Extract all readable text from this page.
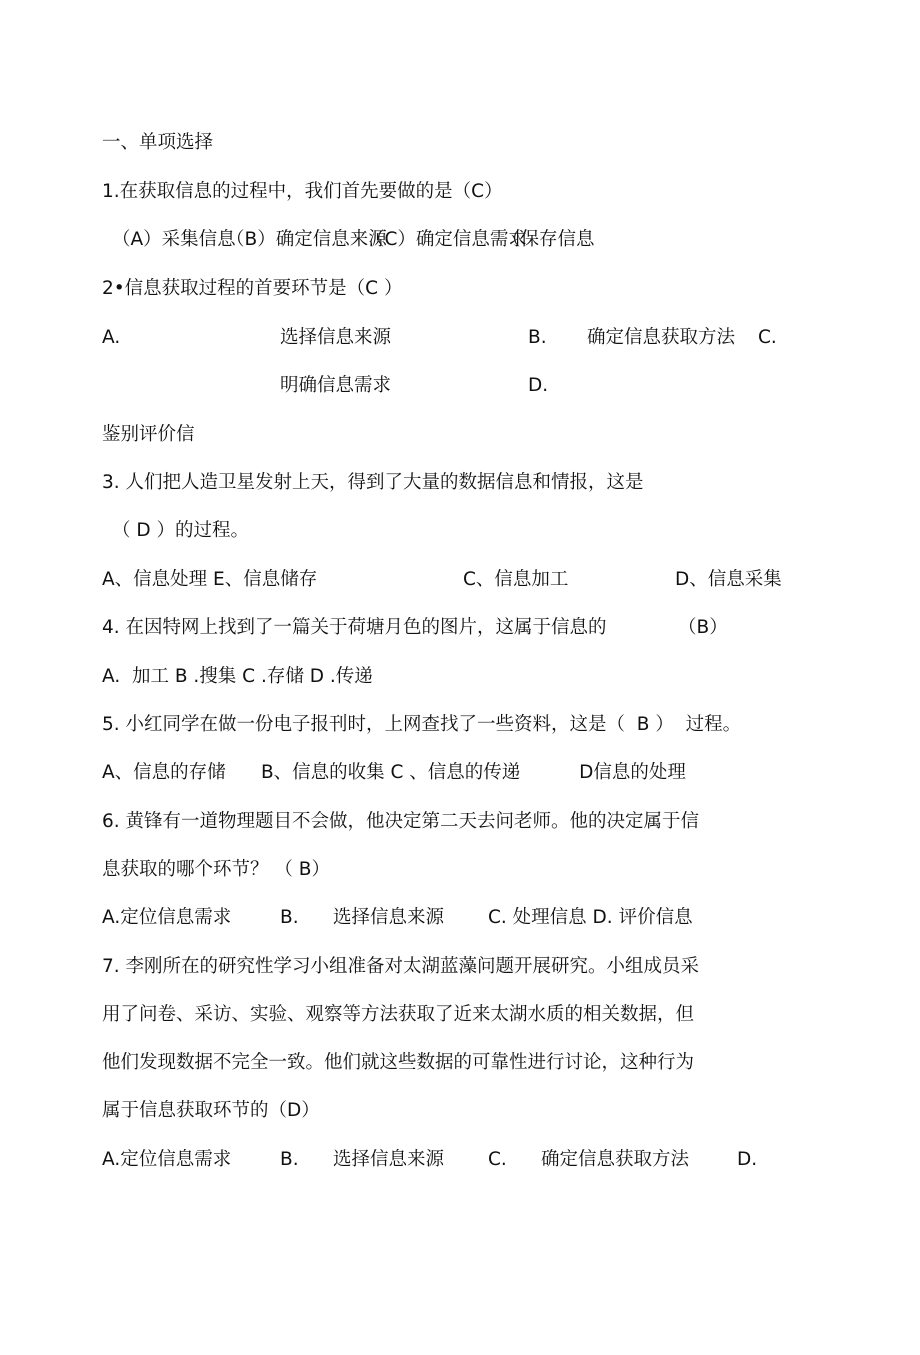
一、单项选择
1.在获取信息的过程中，我们首先要做的是（C）

（A）采集信息

（B）确定信息来源

（C）确定信息需求

（保存信息

2•信息获取过程的首要环节是（C ）

A.

	选择信息来源

	B.

确定信息获取方法

C.

明确信息需求

	D.

鉴别评价信
3. 人们把人造卫星发射上天，得到了大量的数据信息和情报，这是
（ D ）的过程。

A、信息处理 E、信息储存

	C、信息加工

	D、信息采集

4. 在因特网上找到了一篇关于荷塘月色的图片，这属于信息的

	（B）

A.  加工 B .搜集 C .存储 D .传递
5. 小红同学在做一份电子报刊时，上网查找了一些资料，这是（  B ）  过程。
A、信息的存储      B、信息的收集 C 、信息的传递          D信息的处理
6. 黄锋有一道物理题目不会做，他决定第二天去问老师。他的决定属于信
息获取的哪个环节？ （ B）

A.定位信息需求

	B.

选择信息来源

C. 处理信息 D. 评价信息

7. 李刚所在的研究性学习小组准备对太湖蓝藻问题开展研究。小组成员采
用了问卷、采访、实验、观察等方法获取了近来太湖水质的相关数据，但
他们发现数据不完全一致。他们就这些数据的可靠性进行讨论，这种行为
属于信息获取环节的（D）

A.定位信息需求

	B.

选择信息来源

C.

确定信息获取方法

	D.
